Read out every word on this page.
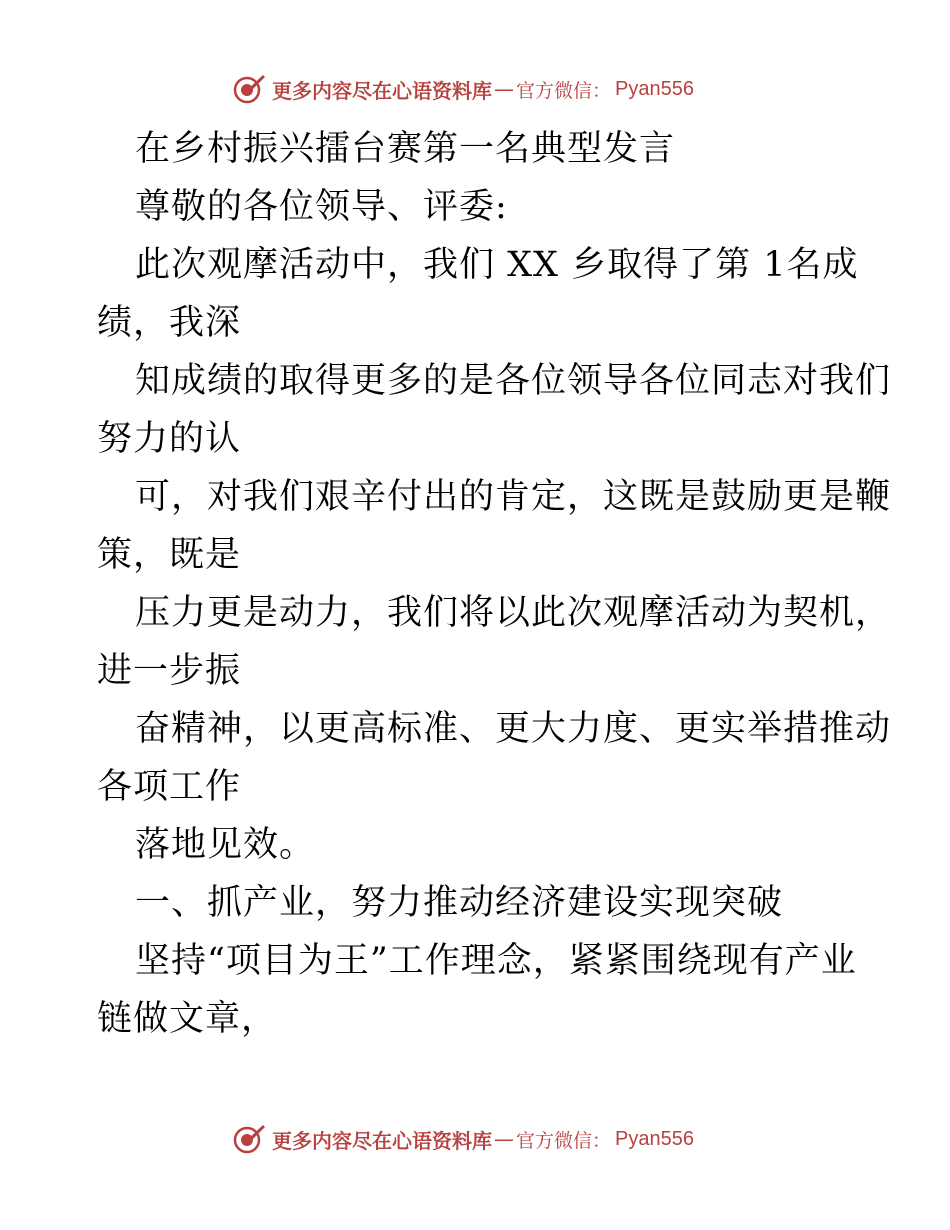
更多内容尽在心语资料库 — 官方微信： Pyan556
在乡村振兴擂台赛第一名典型发言
尊敬的各位领导、评委:
此次观摩活动中，我们 XX 乡取得了第 1名成
绩，我深
知成绩的取得更多的是各位领导各位同志对我们
努力的认
可，对我们艰辛付出的肯定，这既是鼓励更是鞭
策，既是
压力更是动力，我们将以此次观摩活动为契机，
进一步振
奋精神，以更高标准、更大力度、更实举措推动
各项工作
落地见效。
一、抓产业，努力推动经济建设实现突破
坚持“项目为王”工作理念，紧紧围绕现有产业
链做文章，
更多内容尽在心语资料库 — 官方微信： Pyan556
